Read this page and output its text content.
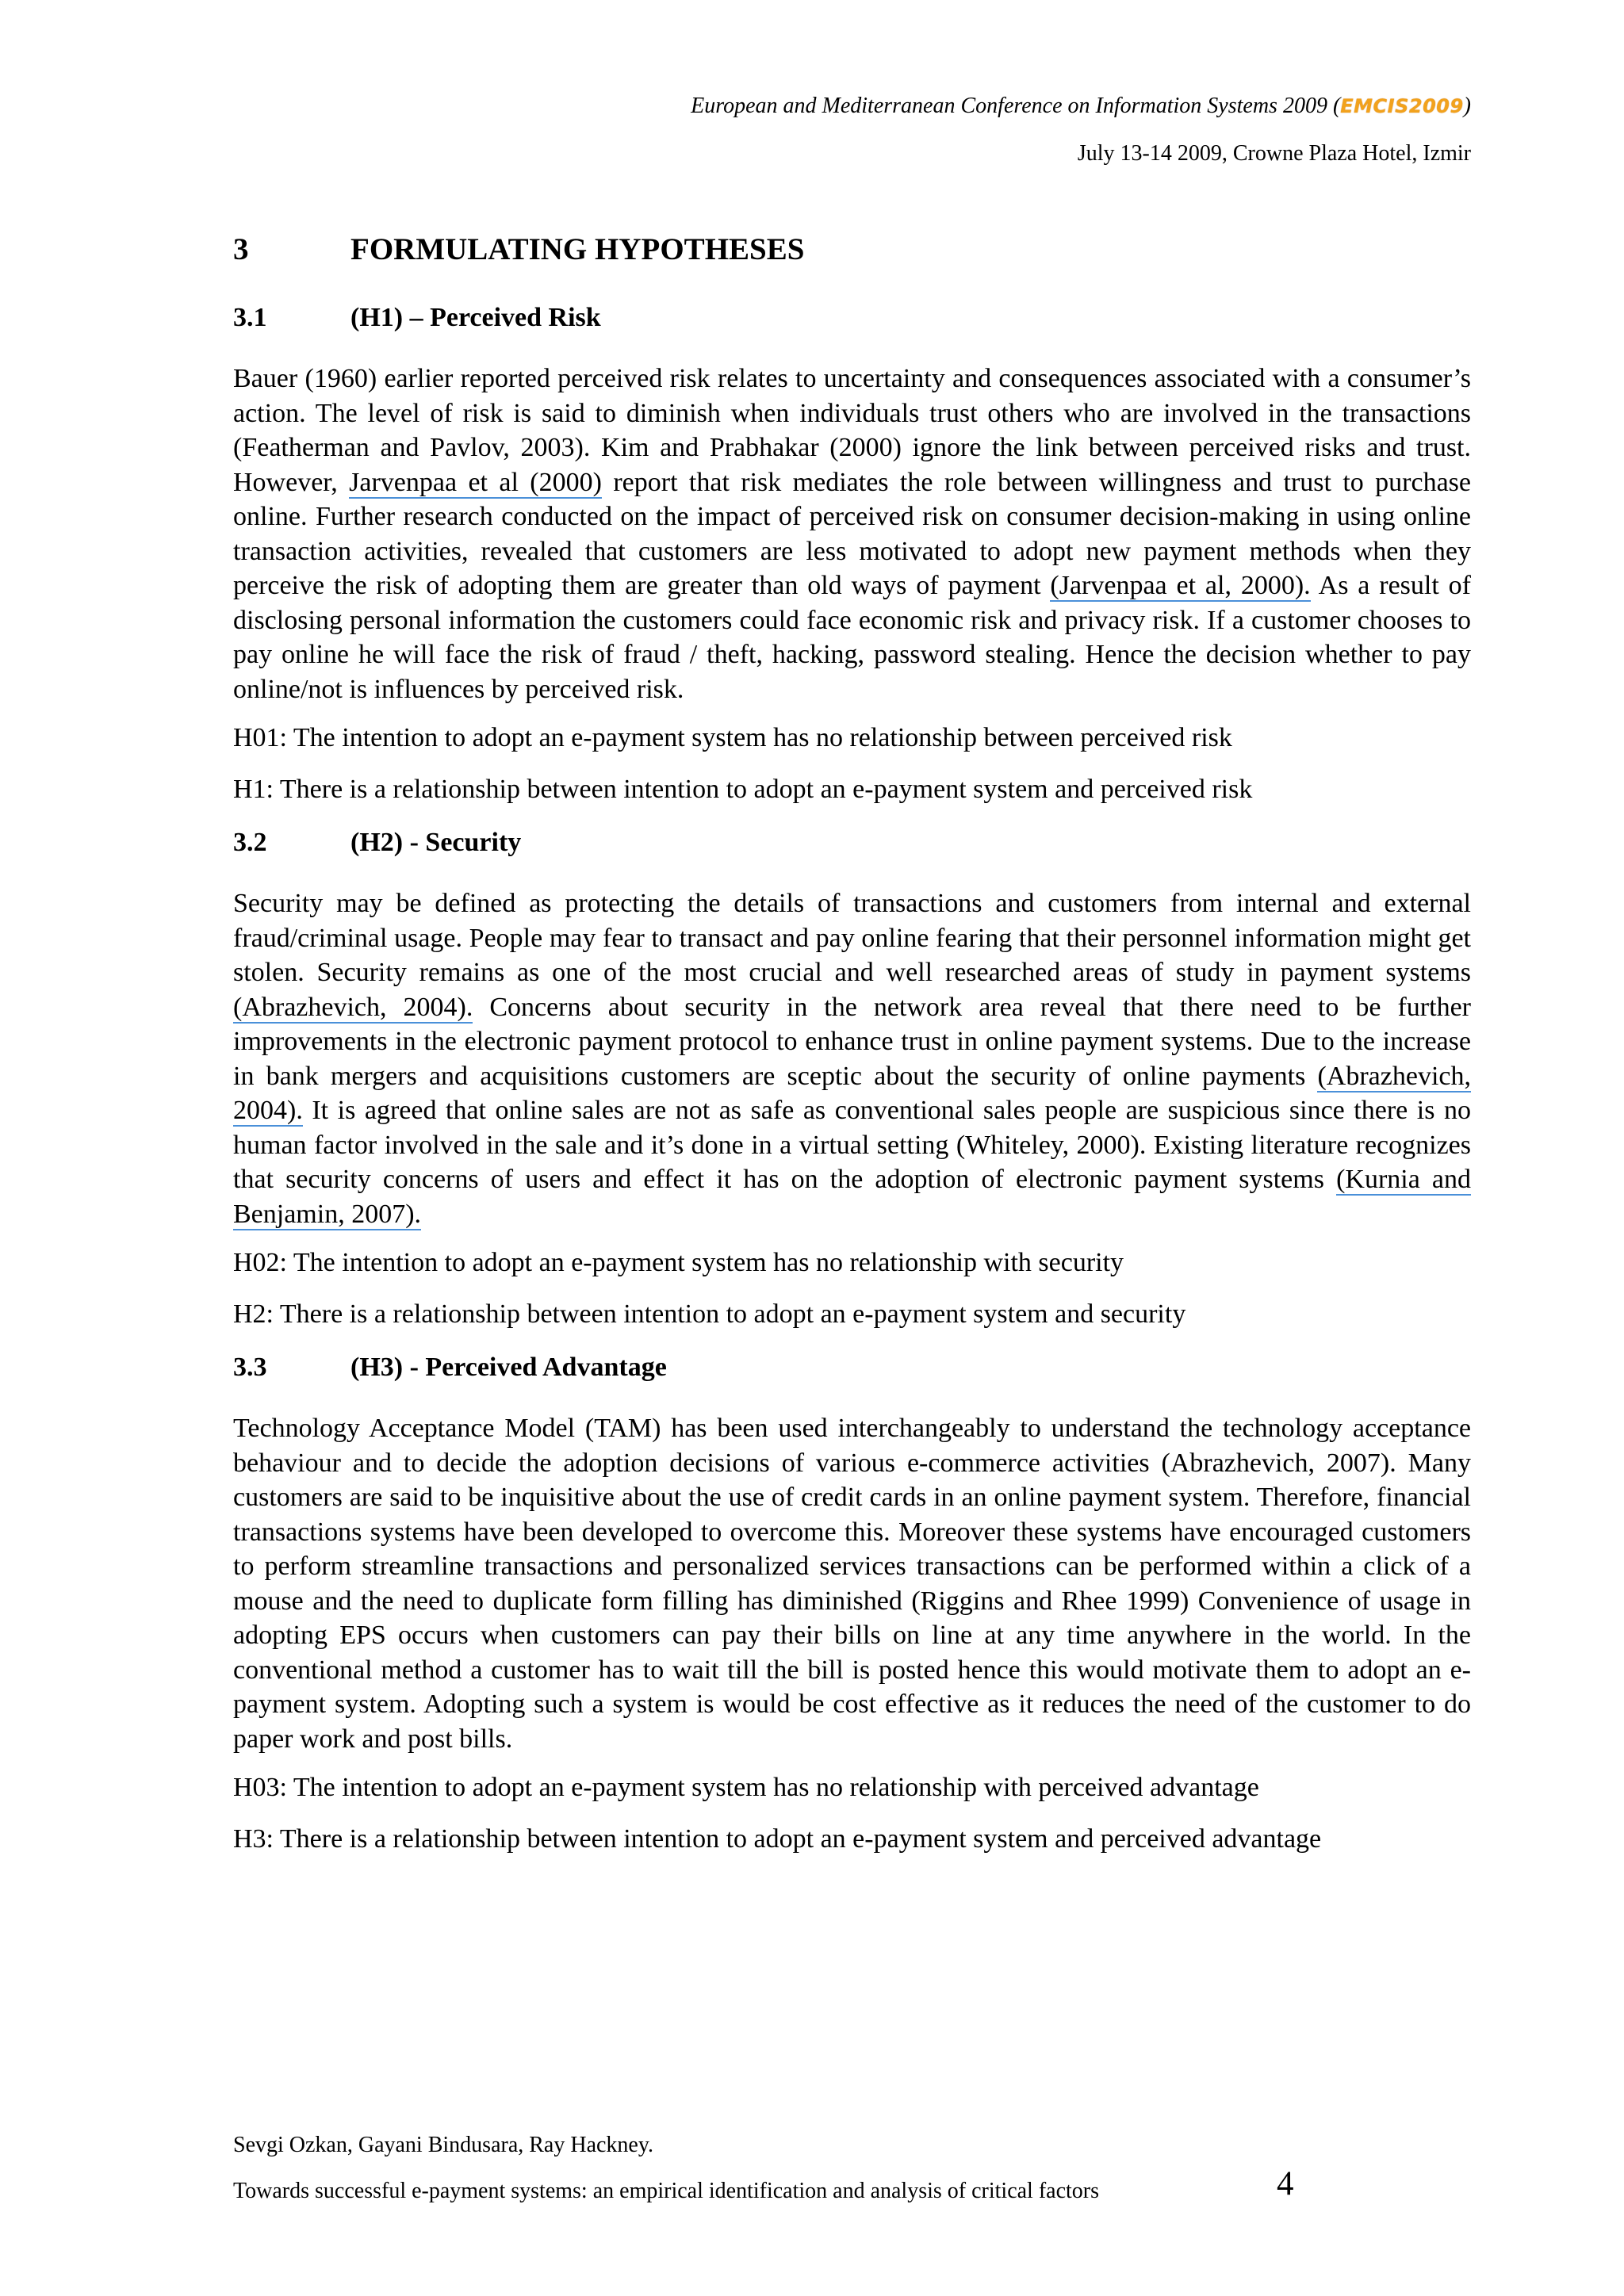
European and Mediterranean Conference on Information Systems 2009 (EMCIS2009)
July 13-14 2009, Crowne Plaza Hotel, Izmir
3	FORMULATING HYPOTHESES
3.1	(H1) – Perceived Risk

Bauer (1960) earlier reported perceived risk relates to uncertainty and consequences associated with a consumer’s action. The level of risk is said to diminish when individuals trust others who are involved in the transactions (Featherman and Pavlov, 2003). Kim and Prabhakar (2000) ignore the link between perceived risks and trust. However, Jarvenpaa et al (2000) report that risk mediates the role between willingness and trust to purchase online. Further research conducted on the impact of perceived risk on consumer decision-making in using online transaction activities, revealed that customers are less motivated to adopt new payment methods when they perceive the risk of adopting them are greater than old ways of payment (Jarvenpaa et al, 2000). As a result of disclosing personal information the customers could face economic risk and privacy risk. If a customer chooses to pay online he will face the risk of fraud / theft, hacking, password stealing. Hence the decision whether to pay online/not is influences by perceived risk.

H01: The intention to adopt an e-payment system has no relationship between perceived risk

H1: There is a relationship between intention to adopt an e-payment system and perceived risk

3.2	(H2) - Security

Security may be defined as protecting the details of transactions and customers from internal and external fraud/criminal usage. People may fear to transact and pay online fearing that their personnel information might get stolen. Security remains as one of the most crucial and well researched areas of study in payment systems (Abrazhevich, 2004). Concerns about security in the network area reveal that there need to be further improvements in the electronic payment protocol to enhance trust in online payment systems. Due to the increase in bank mergers and acquisitions customers are sceptic about the security of online payments (Abrazhevich, 2004). It is agreed that online sales are not as safe as conventional sales people are suspicious since there is no human factor involved in the sale and it’s done in a virtual setting (Whiteley, 2000). Existing literature recognizes that security concerns of users and effect it has on the adoption of electronic payment systems (Kurnia and Benjamin, 2007).

H02: The intention to adopt an e-payment system has no relationship with security

H2: There is a relationship between intention to adopt an e-payment system and security

3.3	(H3) - Perceived Advantage

Technology Acceptance Model (TAM) has been used interchangeably to understand the technology acceptance behaviour and to decide the adoption decisions of various e-commerce activities (Abrazhevich, 2007). Many customers are said to be inquisitive about the use of credit cards in an online payment system. Therefore, financial transactions systems have been developed to overcome this. Moreover these systems have encouraged customers to perform streamline transactions and personalized services transactions can be performed within a click of a mouse and the need to duplicate form filling has diminished (Riggins and Rhee 1999) Convenience of usage in adopting EPS occurs when customers can pay their bills on line at any time anywhere in the world. In the conventional method a customer has to wait till the bill is posted hence this would motivate them to adopt an e-payment system. Adopting such a system is would be cost effective as it reduces the need of the customer to do paper work and post bills.

H03: The intention to adopt an e-payment system has no relationship with perceived advantage

H3: There is a relationship between intention to adopt an e-payment system and perceived advantage

Sevgi Ozkan, Gayani Bindusara, Ray Hackney.
Towards successful e-payment systems: an empirical identification and analysis of critical factors	4
